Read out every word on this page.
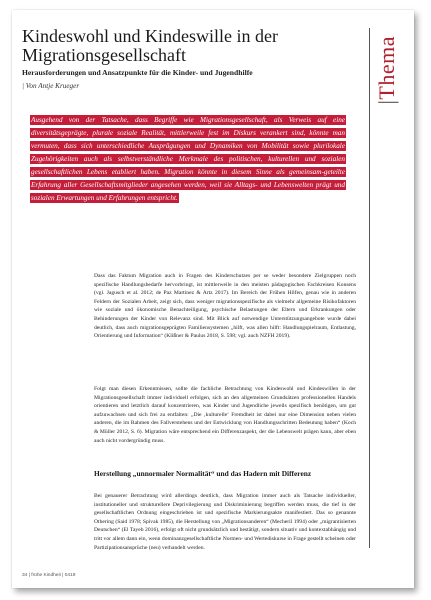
|Thema
Kindeswohl und Kindeswille in der Migrationsgesellschaft

Herausforderungen und Ansatzpunkte für die Kinder- und Jugendhilfe

| Von Antje Krueger

Ausgehend von der Tatsache, dass Begriffe wie Migrationsgesellschaft, als Verweis auf eine diversitätsgeprägte, plurale soziale Realität, mittlerweile fest im Diskurs verankert sind, könnte man vermuten, dass sich unterschiedliche Ausprägungen und Dynamiken von Mobilität sowie plurilokale Zugehörigkeiten auch als selbstverständliche Merkmale des politischen, kulturellen und sozialen gesellschaftlichen Lebens etabliert haben. Migration könnte in diesem Sinne als gemeinsam-geteilte Erfahrung aller Gesellschaftsmitglieder angesehen werden, weil sie Alltags- und Lebenswelten prägt und sozialen Erwartungen und Erfahrungen entspricht.

Dass das Faktum Migration auch in Fragen des Kinderschutzes per se weder besondere Zielgruppen noch spezifische Handlungsbedarfe hervorbringt, ist mittlerweile in den meisten pädagogischen Fachkreisen Konsens (vgl. Jagusch et al. 2012; de Paz Martinez & Artz 2017). Im Bereich der Frühen Hilfen, genau wie in anderen Feldern der Sozialen Arbeit, zeigt sich, dass weniger migrationsspezifische als vielmehr allgemeine Risikofaktoren wie soziale und ökonomische Benachteiligung, psychische Belastungen der Eltern und Erkrankungen oder Behinderungen der Kinder von Relevanz sind. Mit Blick auf notwendige Unterstützungsangebote wurde dabei deutlich, dass auch migrationsgeprägten Familiensystemen „hilft, was allen hilft: Handlungspielraum, Entlastung, Orientierung und Information“ (Klißner & Paulus 2018, S. 598; vgl. auch NZFH 2019).

Folgt man diesen Erkenntnissen, sollte die fachliche Betrachtung von Kindeswohl und Kindeswillen in der Migrationsgesellschaft immer individuell erfolgen, sich an den allgemeinen Grundsätzen professionellen Handels orientieren und letztlich darauf konzentrieren, was Kinder und Jugendliche jeweils spezifisch benötigen, um gut aufzuwachsen und sich frei zu entfalten: „Die ‚kulturelle‘ Fremdheit ist dabei nur eine Dimension neben vielen anderen, die im Rahmen des Fallverstehens und der Entwicklung von Handlungsschritten Bedeutung haben“ (Koch & Müller 2012, S. 6). Migration wäre entsprechend ein Differenzaspekt, der die Lebenswelt prägen kann, aber eben auch nicht vordergründig muss.

Herstellung „unnormaler Normalität“ und das Hadern mit Differenz

Bei genauerer Betrachtung wird allerdings deutlich, dass Migration immer auch als Tatsache individueller, institutioneller und strukturellere Deprivilegierung und Diskriminierung begriffen werden muss, die tief in der gesellschaftlichen Ordnung eingeschrieben ist und spezifische Markierungsakte manifestiert. Das so genannte Othering (Said 1978; Spivak 1985), die Herstellung von „Migrationsanderen“ (Mecheril 1994) oder „migrantisierten Deutschen“ (El Tayeb 2016), erfolgt oft nicht grundsätzlich und bestätigt, sondern situativ und kontextabhängig und tritt vor allem dann ein, wenn dominanzgesellschaftliche Normen- und Wertediskurse in Frage gestellt scheinen oder Partizipationsansprüche (neu) verhandelt werden.

34 | frühe Kindheit | 0419
